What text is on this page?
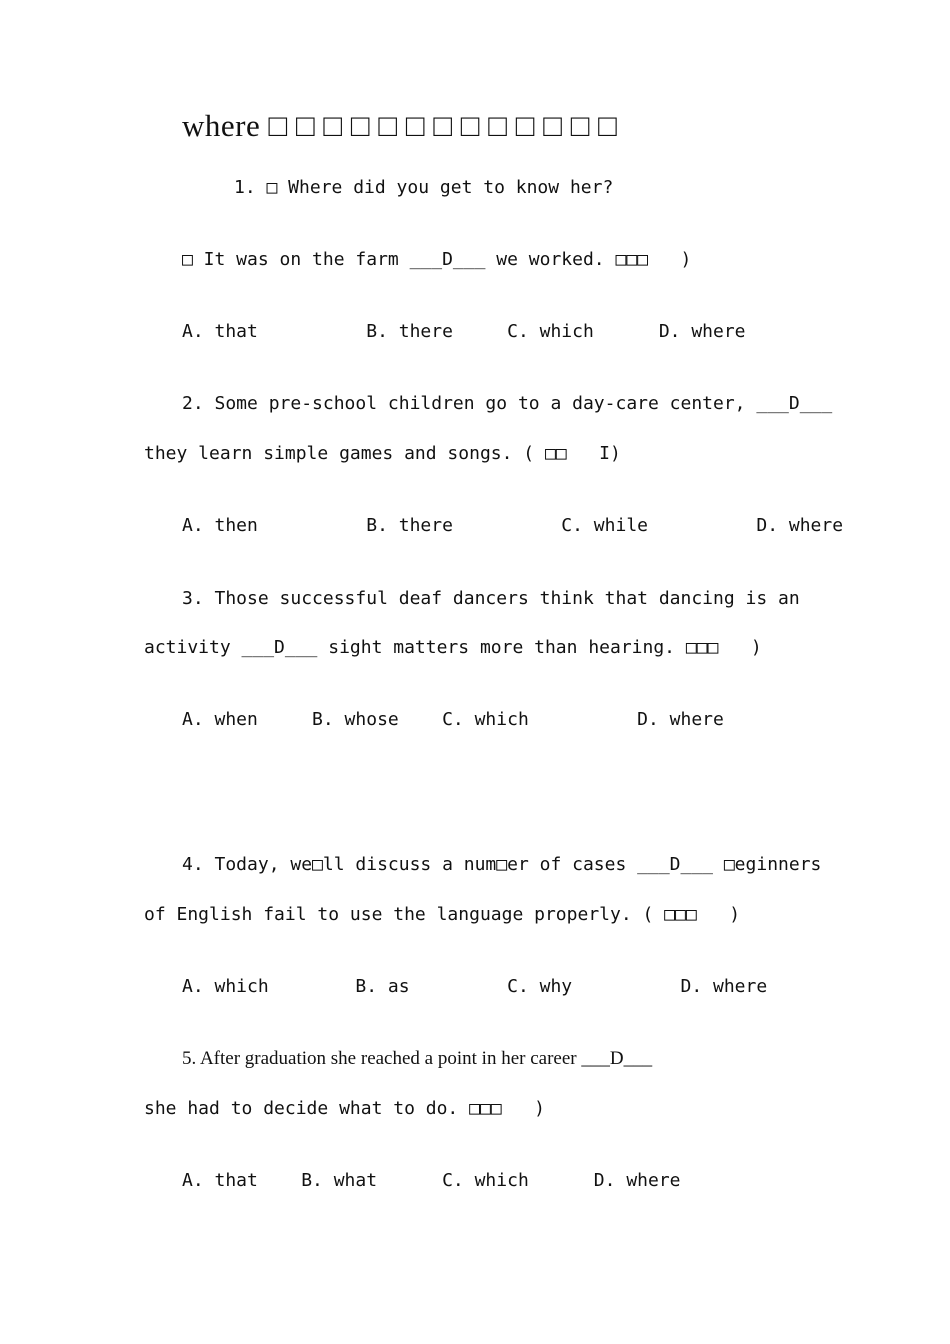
where □ □ □ □ □ □ □ □ □ □ □ □ □
1. □ Where did you get to know her?
□ It was on the farm ___D___ we worked. □□□   )
A. that          B. there     C. which      D. where
2. Some pre-school children go to a day-care center, ___D___
they learn simple games and songs. ( □□   I)
A. then          B. there          C. while          D. where
3. Those successful deaf dancers think that dancing is an
activity ___D___ sight matters more than hearing. □□□   )
A. when     B. whose    C. which          D. where
4. Today, we□ll discuss a num□er of cases ___D___ □eginners
of English fail to use the language properly. ( □□□   )
A. which        B. as         C. why          D. where
5. After graduation she reached a point in her career ___D___
she had to decide what to do. □□□   )
A. that    B. what      C. which      D. where
